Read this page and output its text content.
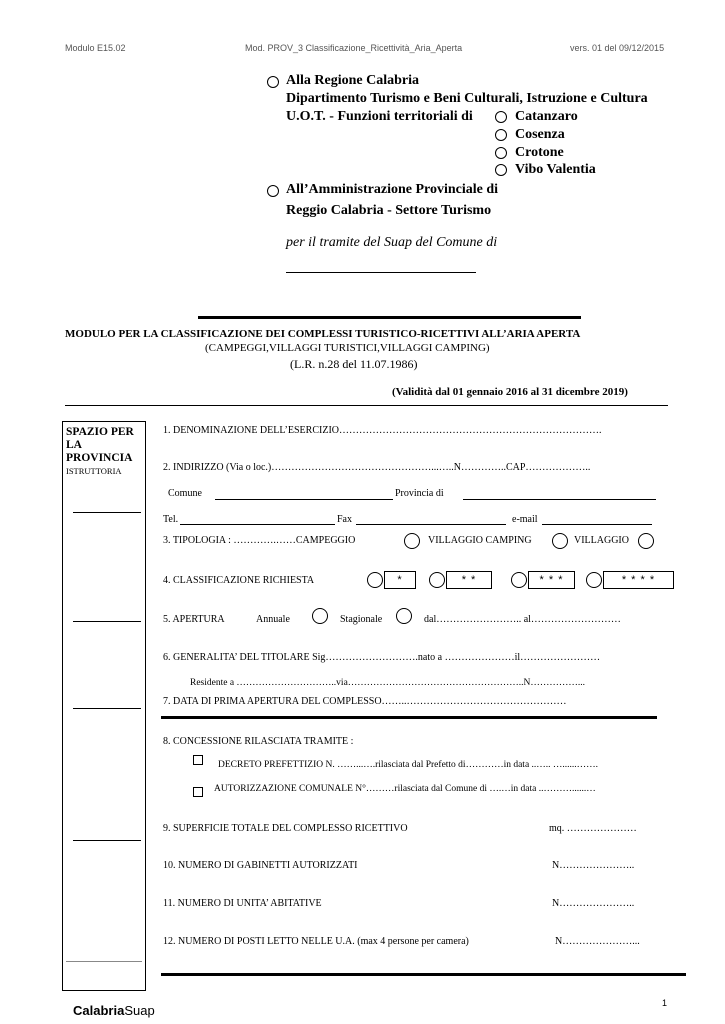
Modulo E15.02	Mod. PROV_3 Classificazione_Ricettività_Aria_Aperta	vers. 01 del 09/12/2015
Alla Regione Calabria
Dipartimento Turismo e Beni Culturali, Istruzione e Cultura
U.O.T. - Funzioni territoriali di	Catanzaro
Cosenza
Crotone
Vibo Valentia
All’Amministrazione Provinciale di
Reggio Calabria - Settore Turismo
per il tramite del Suap del Comune di
MODULO PER LA CLASSIFICAZIONE DEI COMPLESSI TURISTICO-RICETTIVI ALL’ARIA APERTA
(CAMPEGGI,VILLAGGI TURISTICI,VILLAGGI CAMPING)
(L.R. n.28 del 11.07.1986)
(Validità dal 01 gennaio 2016 al 31 dicembre 2019)
SPAZIO PER
LA
PROVINCIA
ISTRUTTORIA
1. DENOMINAZIONE DELL’ESERCIZIO…………………………………………………………………….
2. INDIRIZZO (Via o loc.)…………………………………………...…..N…………..CAP………………..
Comune	Provincia di
Tel.	Fax	e-mail
3. TIPOLOGIA : ………….……CAMPEGGIO	VILLAGGIO CAMPING	VILLAGGIO
4. CLASSIFICAZIONE RICHIESTA	*	* *	* * *	* * * *
5. APERTURA	Annuale	Stagionale	dal…………………….. al………………………
6. GENERALITA’ DEL TITOLARE Sig……………………….nato a …………………il……………………
Residente a …………………………..via………………………………………………..N……………...
7. DATA DI PRIMA APERTURA DEL COMPLESSO……..…………………………………………
8. CONCESSIONE RILASCIATA TRAMITE :
DECRETO PREFETTIZIO N. ……...….rilasciata dal Prefetto di…………in data ..….. …......…….
AUTORIZZAZIONE COMUNALE N°………rilasciata dal Comune di ….…in data ..………......…
9. SUPERFICIE TOTALE DEL COMPLESSO RICETTIVO	mq. …………………
10. NUMERO DI GABINETTI AUTORIZZATI	N…………………..
11. NUMERO DI UNITA’ ABITATIVE	N…………………..
12. NUMERO DI POSTI LETTO NELLE U.A. (max 4 persone per camera)	N…………………...
CalabriaSuap	1
